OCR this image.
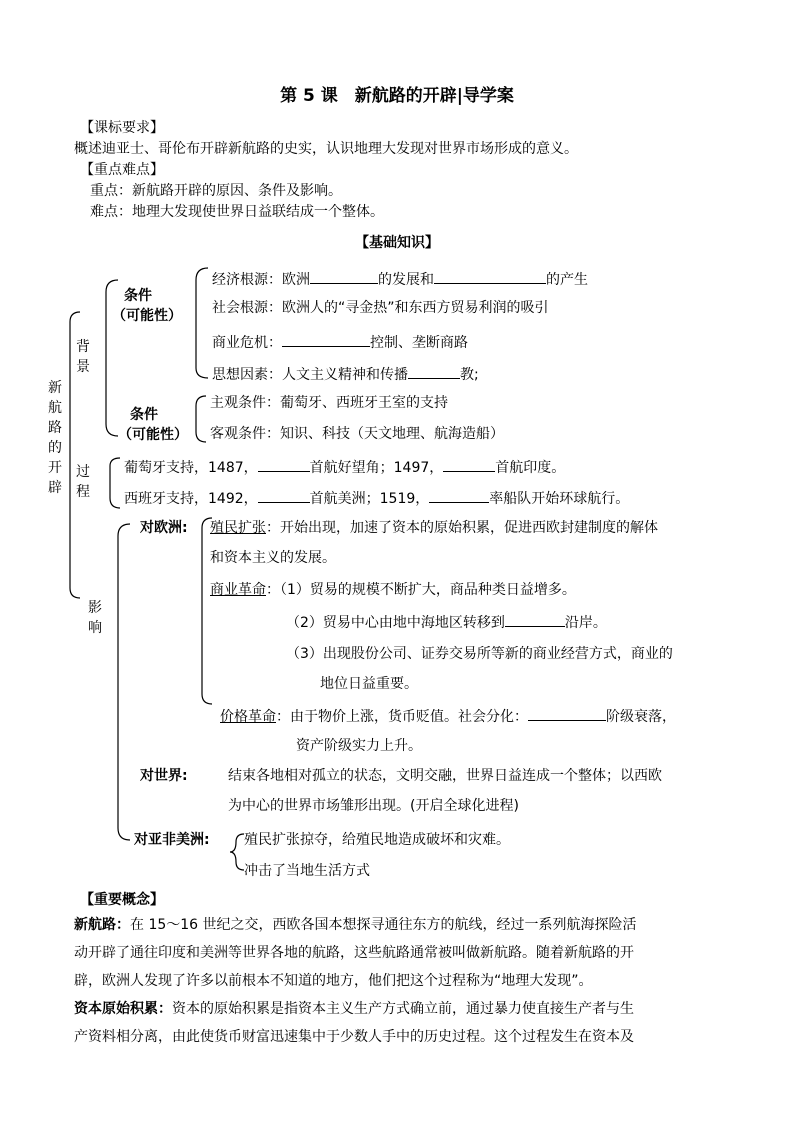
第 5 课　新航路的开辟|导学案
【课标要求】
概述迪亚士、哥伦布开辟新航路的史实，认识地理大发现对世界市场形成的意义。
【重点难点】
重点：新航路开辟的原因、条件及影响。
难点：地理大发现使世界日益联结成一个整体。
【基础知识】
新
航
路
的
开
辟
背
景
条件
（可能性）
经济根源：欧洲	的发展和	的产生
社会根源：欧洲人的“寻金热”和东西方贸易利润的吸引
商业危机：	控制、垄断商路
思想因素：人文主义精神和传播	教;
条件
（可能性）
主观条件：葡萄牙、西班牙王室的支持
客观条件：知识、科技（天文地理、航海造船）
过
程
葡萄牙支持，1487，	首航好望角；1497，	首航印度。
西班牙支持，1492，	首航美洲；1519，	率船队开始环球航行。
影
响
对欧洲: 殖民扩张：开始出现，加速了资本的原始积累，促进西欧封建制度的解体
和资本主义的发展。
商业革命：（1）贸易的规模不断扩大，商品种类日益增多。
（2）贸易中心由地中海地区转移到	沿岸。
（3）出现股份公司、证券交易所等新的商业经营方式，商业的
地位日益重要。
价格革命：由于物价上涨，货币贬值。社会分化：	阶级衰落，
资产阶级实力上升。
对世界:	结束各地相对孤立的状态，文明交融，世界日益连成一个整体；以西欧
为中心的世界市场雏形出现。(开启全球化进程)
对亚非美洲: 殖民扩张掠夺，给殖民地造成破坏和灾难。
冲击了当地生活方式
【重要概念】
新航路：在 15～16 世纪之交，西欧各国本想探寻通往东方的航线，经过一系列航海探险活
动开辟了通往印度和美洲等世界各地的航路，这些航路通常被叫做新航路。随着新航路的开
辟，欧洲人发现了许多以前根本不知道的地方，他们把这个过程称为“地理大发现”。
资本原始积累：资本的原始积累是指资本主义生产方式确立前，通过暴力使直接生产者与生
产资料相分离，由此使货币财富迅速集中于少数人手中的历史过程。这个过程发生在资本及
